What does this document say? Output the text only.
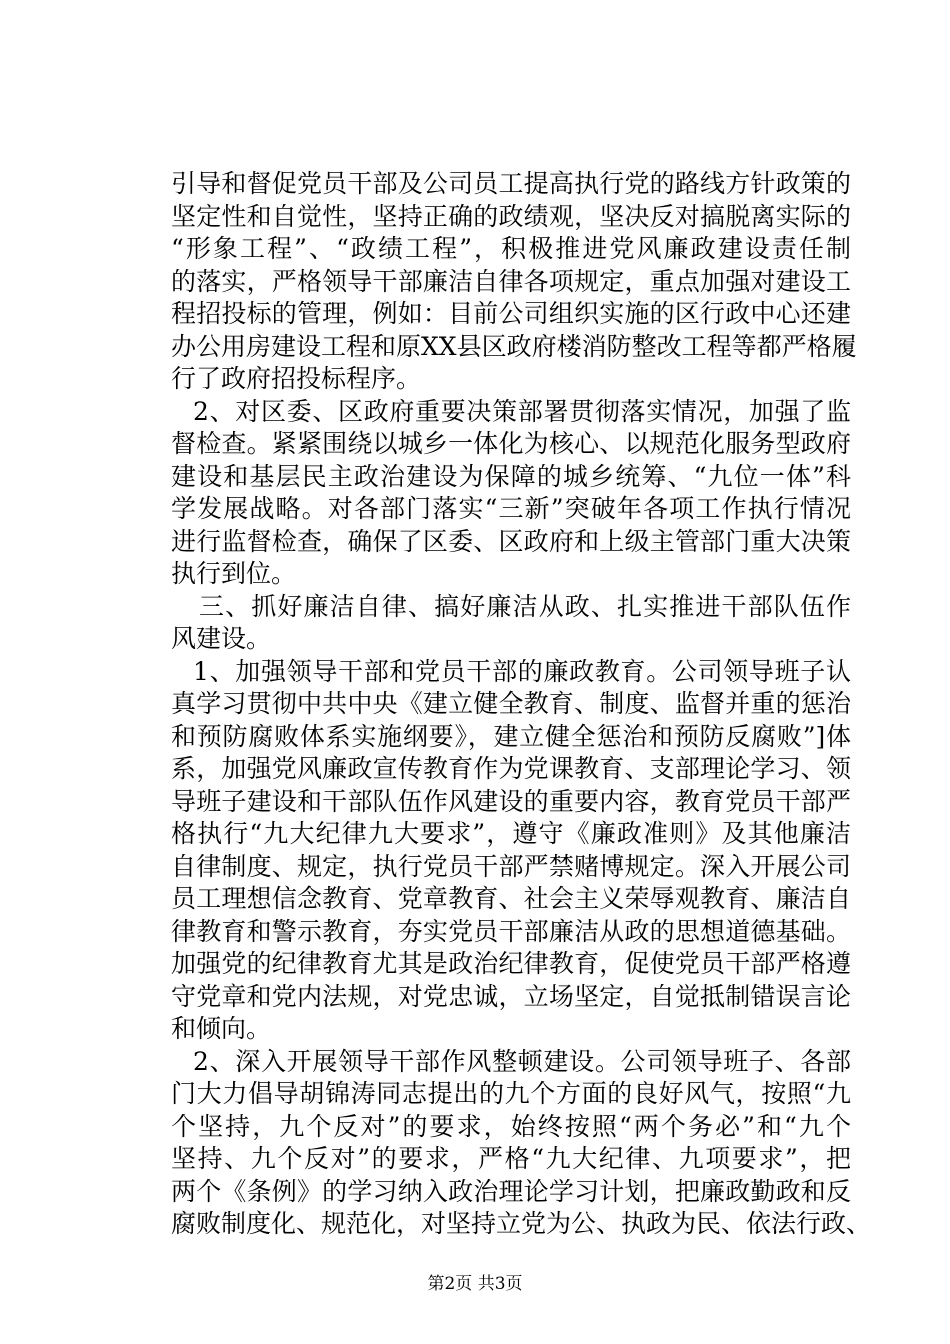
引导和督促党员干部及公司员工提高执行党的路线方针政策的
坚定性和自觉性，坚持正确的政绩观，坚决反对搞脱离实际的
“形象工程”、“政绩工程”，积极推进党风廉政建设责任制
的落实，严格领导干部廉洁自律各项规定，重点加强对建设工
程招投标的管理，例如：目前公司组织实施的区行政中心还建
办公用房建设工程和原XX县区政府楼消防整改工程等都严格履
行了政府招投标程序。
2、对区委、区政府重要决策部署贯彻落实情况，加强了监
督检查。紧紧围绕以城乡一体化为核心、以规范化服务型政府
建设和基层民主政治建设为保障的城乡统筹、“九位一体”科
学发展战略。对各部门落实“三新”突破年各项工作执行情况
进行监督检查，确保了区委、区政府和上级主管部门重大决策
执行到位。
三、抓好廉洁自律、搞好廉洁从政、扎实推进干部队伍作
风建设。
1、加强领导干部和党员干部的廉政教育。公司领导班子认
真学习贯彻中共中央《建立健全教育、制度、监督并重的惩治
和预防腐败体系实施纲要》，建立健全惩治和预防反腐败”]体
系，加强党风廉政宣传教育作为党课教育、支部理论学习、领
导班子建设和干部队伍作风建设的重要内容，教育党员干部严
格执行“九大纪律九大要求”，遵守《廉政准则》及其他廉洁
自律制度、规定，执行党员干部严禁赌博规定。深入开展公司
员工理想信念教育、党章教育、社会主义荣辱观教育、廉洁自
律教育和警示教育，夯实党员干部廉洁从政的思想道德基础。
加强党的纪律教育尤其是政治纪律教育，促使党员干部严格遵
守党章和党内法规，对党忠诚，立场坚定，自觉抵制错误言论
和倾向。
2、深入开展领导干部作风整顿建设。公司领导班子、各部
门大力倡导胡锦涛同志提出的九个方面的良好风气，按照“九
个坚持，九个反对”的要求，始终按照“两个务必”和“九个
坚持、九个反对”的要求，严格“九大纪律、九项要求”，把
两个《条例》的学习纳入政治理论学习计划，把廉政勤政和反
腐败制度化、规范化，对坚持立党为公、执政为民、依法行政、
第2页 共3页
